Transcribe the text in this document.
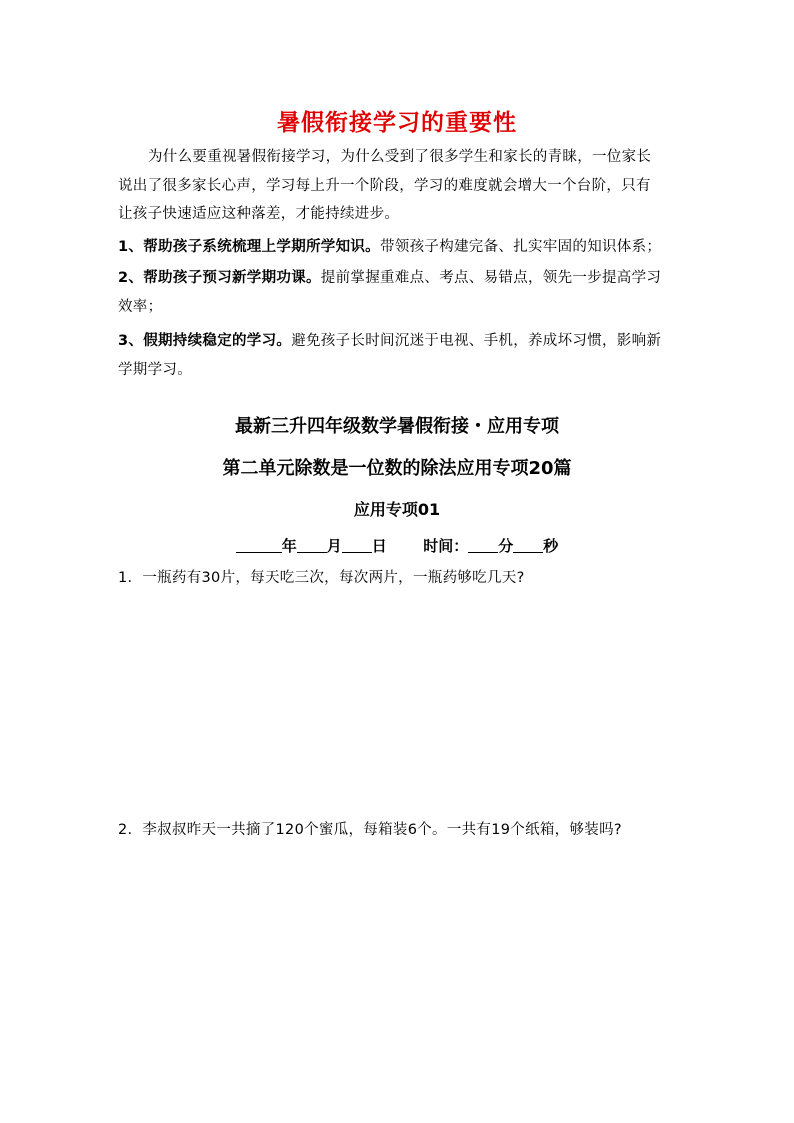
暑假衔接学习的重要性
为什么要重视暑假衔接学习，为什么受到了很多学生和家长的青睐，一位家长
说出了很多家长心声，学习每上升一个阶段，学习的难度就会增大一个台阶，只有
让孩子快速适应这种落差，才能持续进步。
1、帮助孩子系统梳理上学期所学知识。带领孩子构建完备、扎实牢固的知识体系；
2、帮助孩子预习新学期功课。提前掌握重难点、考点、易错点，领先一步提高学习
效率；
3、假期持续稳定的学习。避免孩子长时间沉迷于电视、手机，养成坏习惯，影响新
学期学习。
最新三升四年级数学暑假衔接・应用专项
第二单元除数是一位数的除法应用专项20篇
应用专项01
年 月 日 时间： 分 秒
1．一瓶药有30片，每天吃三次，每次两片，一瓶药够吃几天?
2．李叔叔昨天一共摘了120个蜜瓜，每箱装6个。一共有19个纸箱，够装吗?
